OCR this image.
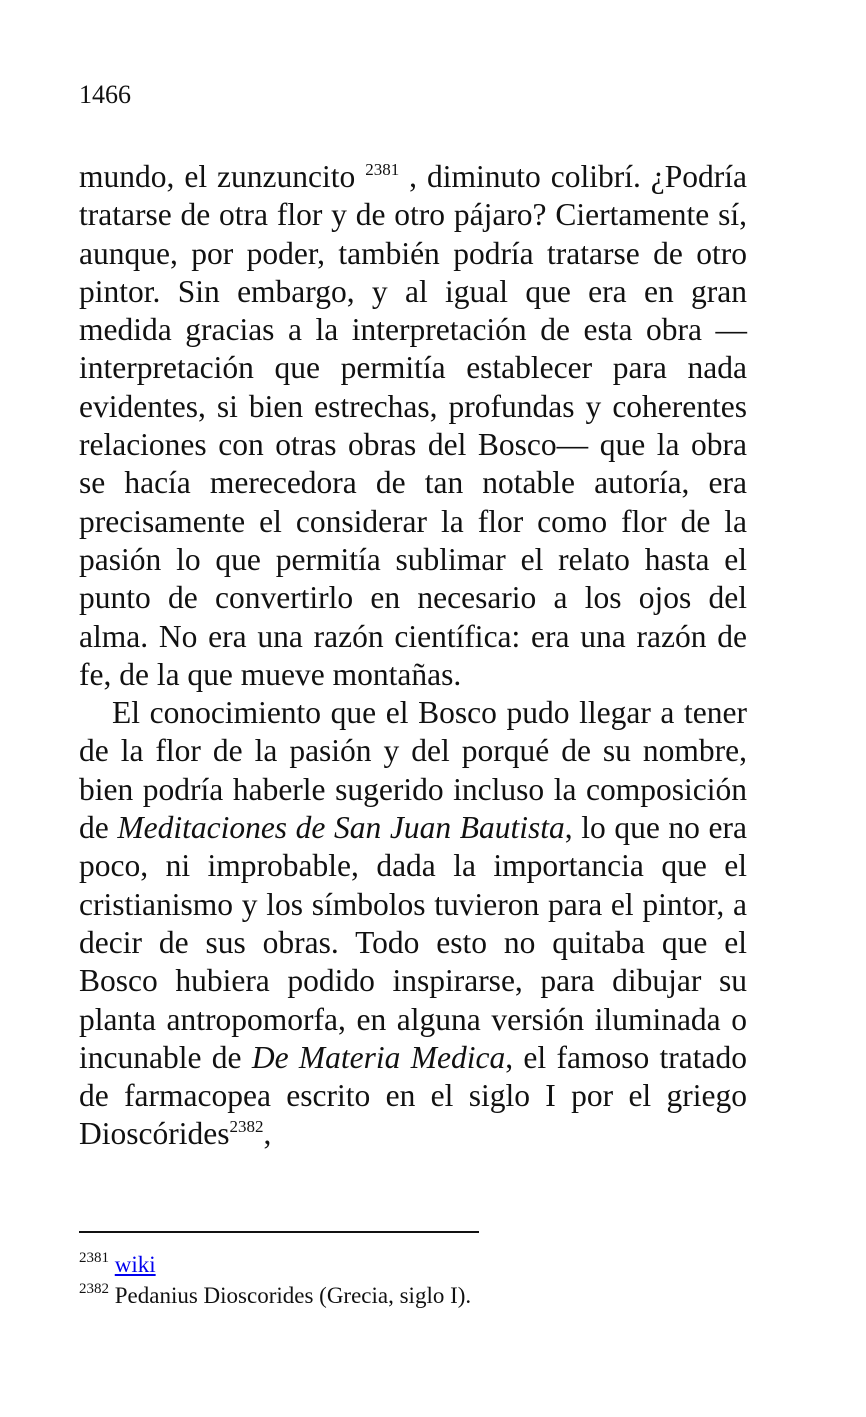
1466

mundo, el zunzuncito $^{2381}$ , diminuto colibrí. ¿Podría tratarse de otra flor y de otro pájaro? Ciertamente sí, aunque, por poder, también podría tratarse de otro pintor. Sin embargo, y al igual que era en gran medida gracias a la interpretación de esta obra —interpretación que permitía establecer para nada evidentes, si bien estrechas, profundas y coherentes relaciones con otras obras del Bosco— que la obra se hacía merecedora de tan notable autoría, era precisamente el considerar la flor como flor de la pasión lo que permitía sublimar el relato hasta el punto de convertirlo en necesario a los ojos del alma. No era una razón científica: era una razón de fe, de la que mueve montañas.

El conocimiento que el Bosco pudo llegar a tener de la flor de la pasión y del porqué de su nombre, bien podría haberle sugerido incluso la composición de Meditaciones de San Juan Bautista, lo que no era poco, ni improbable, dada la importancia que el cristianismo y los símbolos tuvieron para el pintor, a decir de sus obras. Todo esto no quitaba que el Bosco hubiera podido inspirarse, para dibujar su planta antropomorfa, en alguna versión iluminada o incunable de De Materia Medica, el famoso tratado de farmacopea escrito en el siglo I por el griego Dioscórides$^{2382}$,

$^{2381}$ wiki
$^{2382}$ Pedanius Dioscorides (Grecia, siglo I).
